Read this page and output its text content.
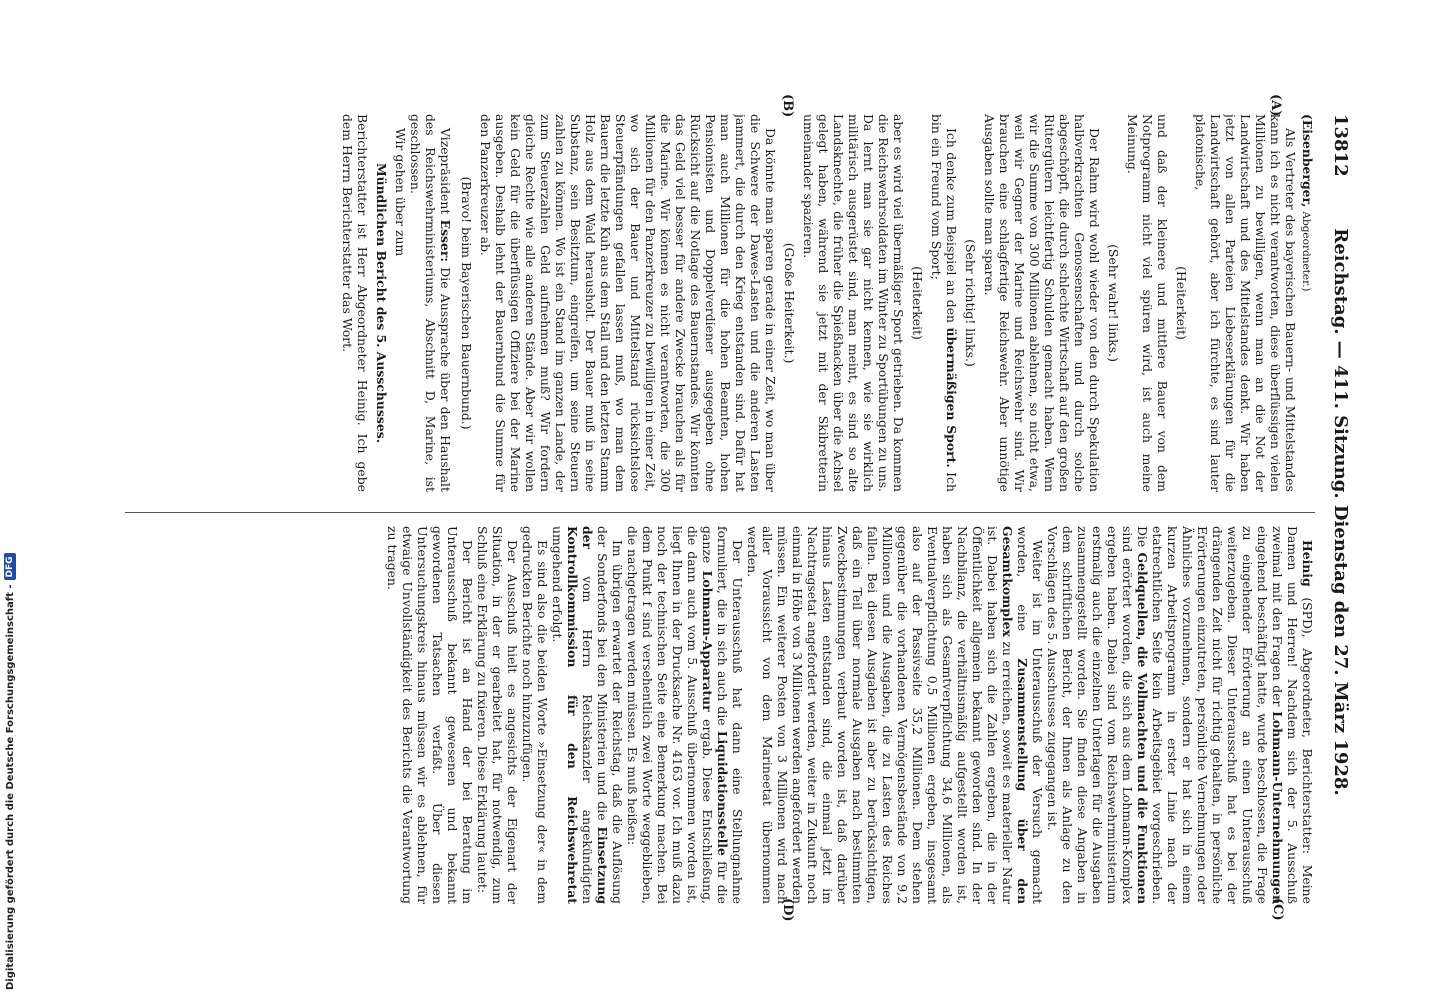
13812
Reichstag. — 411. Sitzung. Dienstag den 27. März 1928.
(A)
(B)
(C)
(D)

(Eisenberger, Abgeordneter.)

Als Vertreter des bayerischen Bauern- und Mittelstandes kann ich es nicht verantworten, diese überflüssigen vielen Millionen zu bewilligen, wenn man an die Not der Landwirtschaft und des Mittelstandes denkt. Wir haben jetzt von allen Parteien Liebeserklärungen für die Landwirtschaft gehört, aber ich fürchte, es sind lauter platonische,

(Heiterkeit)

und daß der kleinere und mittlere Bauer von dem Notprogramm nicht viel spüren wird, ist auch meine Meinung.

(Sehr wahr! links.)

Der Rahm wird wohl wieder von den durch Spekulation halbverkrachten Genossenschaften und durch solche abgeschöpft, die durch schlechte Wirtschaft auf den großen Rittergütern leichtfertig Schulden gemacht haben. Wenn wir die Summe von 300 Millionen ablehnen, so nicht etwa, weil wir Gegner der Marine und Reichswehr sind. Wir brauchen eine schlagfertige Reichswehr. Aber unnötige Ausgaben sollte man sparen.

(Sehr richtig! links.)

Ich denke zum Beispiel an den übermäßigen Sport. Ich bin ein Freund vom Sport;

(Heiterkeit)

aber es wird viel übermäßiger Sport getrieben. Da kommen die Reichswehrsoldaten im Winter zu Sportübungen zu uns. Da lernt man sie gar nicht kennen, wie sie wirklich militärisch ausgerüstet sind, man meint, es sind so alte Landsknechte, die früher die Spießhacken über die Achsel gelegt haben, während sie jetzt mit der Skibretterin umeinander spazieren.

(Große Heiterkeit.)

Da könnte man sparen gerade in einer Zeit, wo man über die Schwere der Dawes-Lasten und die anderen Lasten jammert, die durch den Krieg entstanden sind. Dafür hat man auch Millionen für die hohen Beamten, hohen Pensionisten und Doppelverdiener ausgegeben ohne Rücksicht auf die Notlage des Bauernstandes. Wir könnten das Geld viel besser für andere Zwecke brauchen als für die Marine. Wir können es nicht verantworten, die 300 Millionen für den Panzerkreuzer zu bewilligen in einer Zeit, wo sich der Bauer und Mittelstand rücksichtslose Steuerpfändungen gefallen lassen muß, wo man dem Bauern die letzte Kuh aus dem Stall und den letzten Stamm Holz aus dem Wald herausholt. Der Bauer muß in seine Substanz, sein Besitztum, eingreifen, um seine Steuern zahlen zu können. Wo ist ein Stand im ganzen Lande, der zum Steuerzahlen Geld aufnehmen muß? Wir fordern gleiche Rechte wie alle anderen Stände. Aber wir wollen kein Geld für die überflüssigen Offiziere bei der Marine ausgeben. Deshalb lehnt der Bauernbund die Summe für den Panzerkreuzer ab.

(Bravo! beim Bayerischen Bauernbund.)

Vizepräsident Esser: Die Aussprache über den Haushalt des Reichswehrministeriums, Abschnitt D, Marine, ist geschlossen.

Wir gehen über zum

Mündlichen Bericht des 5. Ausschusses.

Berichterstatter ist Herr Abgeordneter Heinig. Ich gebe dem Herrn Berichterstatter das Wort.

Heinig (SPD), Abgeordneter, Berichterstatter: Meine Damen und Herren! Nachdem sich der 5. Ausschuß zweimal mit den Fragen der Lohmann-Unternehmungen eingehend beschäftigt hatte, wurde beschlossen, die Frage zu eingehender Erörterung an einen Unterausschuß weiterzugeben. Dieser Unterausschuß hat es bei der drängenden Zeit nicht für richtig gehalten, in persönliche Erörterungen einzutreten, persönliche Vernehmungen oder Ähnliches vorzunehmen, sondern er hat sich in einem kurzen Arbeitsprogramm in erster Linie nach der etatrechtlichen Seite kein Arbeitsgebiet vorgeschrieben. Die Geldquellen, die Vollmachten und die Funktionen sind erörtert worden, die sich aus dem Lohmann-Komplex ergeben haben. Dabei sind vom Reichswehrministerium erstmalig auch die einzelnen Unterlagen für die Ausgaben zusammengestellt worden. Sie finden diese Angaben in dem schriftlichen Bericht, der Ihnen als Anlage zu den Vorschlägen des 5. Ausschusses zugegangen ist.

Weiter ist im Unterausschuß der Versuch gemacht worden, eine Zusammenstellung über den Gesamtkomplex zu erreichen, soweit es materieller Natur ist. Dabei haben sich die Zahlen ergeben, die in der Öffentlichkeit allgemein bekannt geworden sind. In der Nachbilanz, die verhältnismäßig aufgestellt worden ist, haben sich als Gesamtverpflichtung 34,6 Millionen, als Eventualverpflichtung 0,5 Millionen ergeben, insgesamt also auf der Passivseite 35,2 Millionen. Dem stehen gegenüber die vorhandenen Vermögensbestände von 9,2 Millionen und die Ausgaben, die zu Lasten des Reiches fallen. Bei diesen Ausgaben ist aber zu berücksichtigen, daß ein Teil über normale Ausgaben nach bestimmten Zweckbestimmungen verbaut worden ist, daß darüber hinaus Lasten entstanden sind, die einmal jetzt im Nachtragsetat angefordert werden, weiter in Zukunft noch einmal in Höhe von 3 Millionen werden angefordert werden müssen. Ein weiterer Posten von 3 Millionen wird nach aller Voraussicht von dem Marineetat übernommen werden.

Der Unterausschuß hat dann eine Stellungnahme formuliert, die in sich auch die Liquidationsstelle für die ganze Lohmann-Apparatur ergab. Diese Entschließung, die dann auch vom 5. Ausschuß übernommen worden ist, liegt Ihnen in der Drucksache Nr. 4163 vor. Ich muß dazu noch der technischen Seite eine Bemerkung machen. Bei dem Punkt f sind versehentlich zwei Worte weggeblieben, die nachgetragen werden müssen. Es muß heißen:

Im übrigen erwartet der Reichstag, daß die Auflösung der Sonderfonds bei den Ministerien und die Einsetzung der vom Herrn Reichskanzler angekündigten Kontrollkommission für den Reichswehretat umgehend erfolgt.

Es sind also die beiden Worte »Einsetzung der« in dem gedruckten Berichte noch hinzuzufügen.

Der Ausschuß hielt es angesichts der Eigenart der Situation, in der er gearbeitet hat, für notwendig, zum Schluß eine Erklärung zu fixieren. Diese Erklärung lautet:

Der Bericht ist an Hand der bei Beratung im Unterausschuß bekannt gewesenen und bekannt gewordenen Tatsachen verfaßt. Über diesen Untersuchungskreis hinaus müssen wir es ablehnen, für etwaige Unvollständigkeit des Berichts die Verantwortung zu tragen.

Digitalisierung gefördert durch die Deutsche Forschungsgemeinschaft -
DFG
